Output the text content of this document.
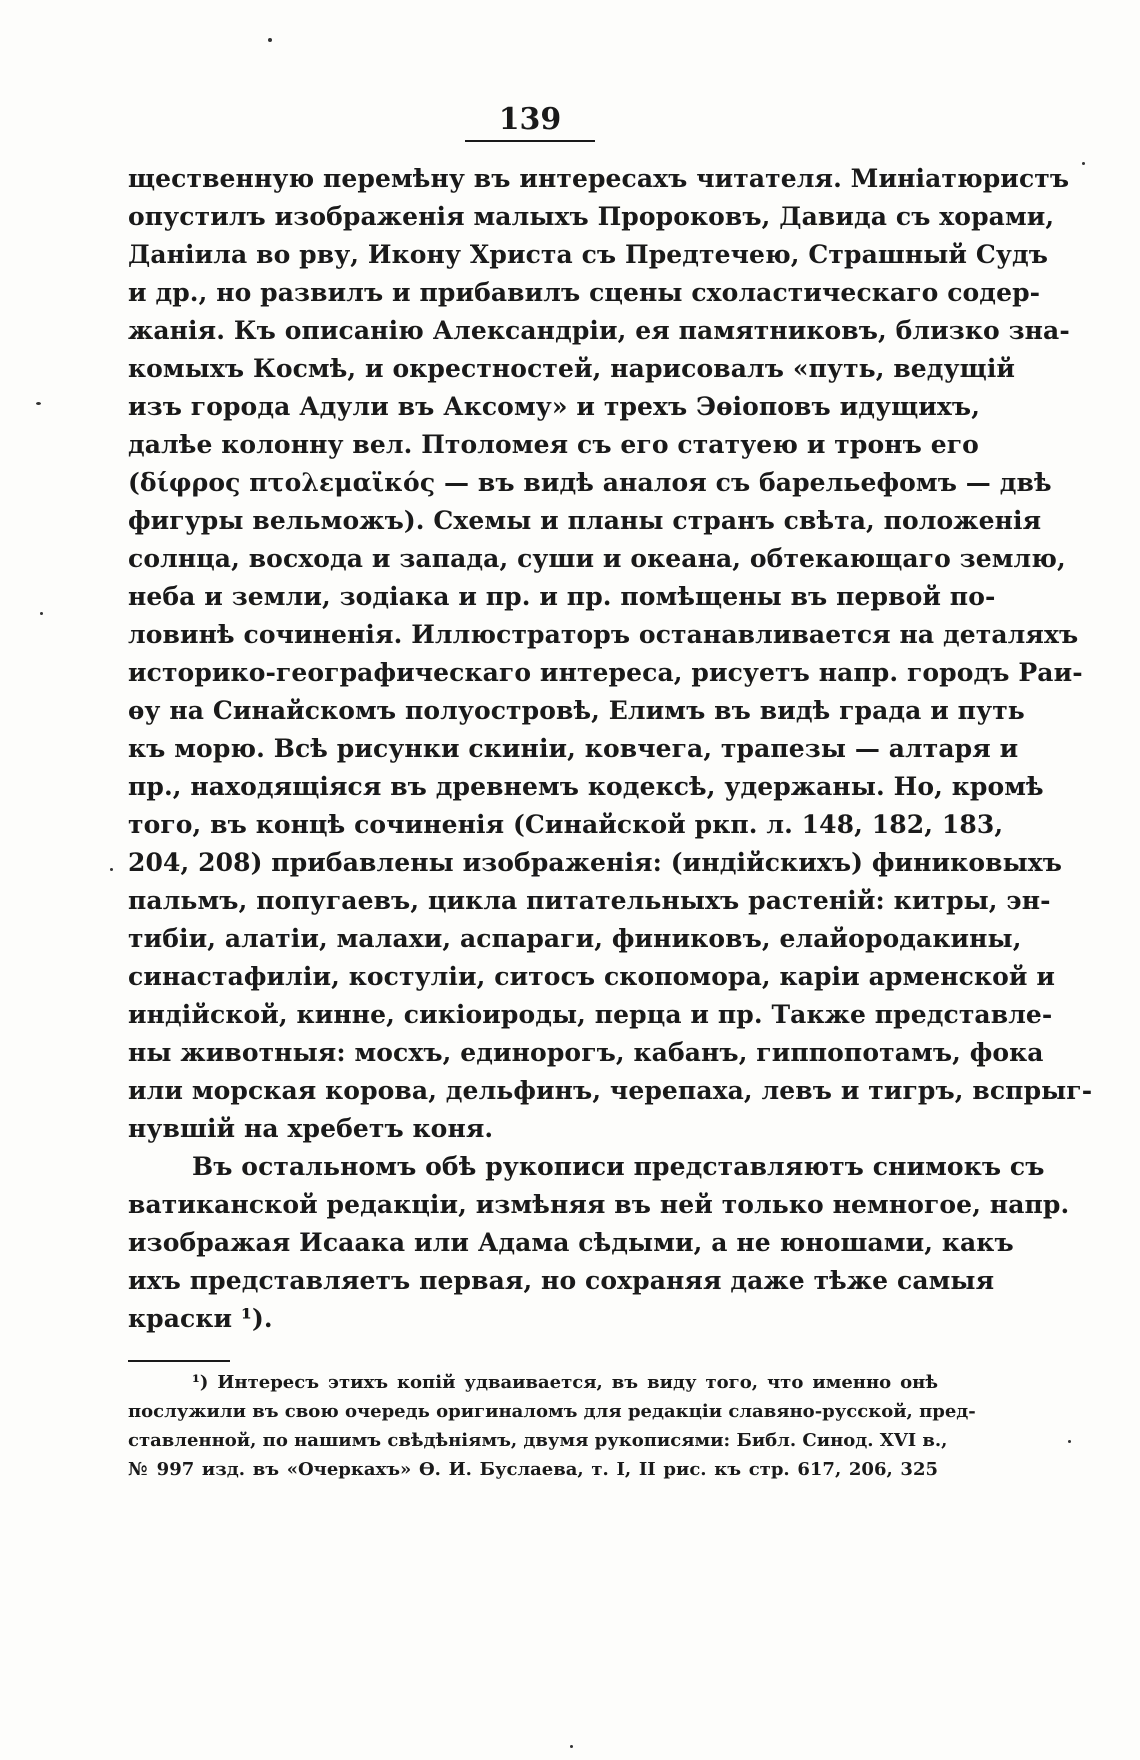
139
щественную перемѣну въ интересахъ читателя. Миніатюристъ
опустилъ изображенія малыхъ Пророковъ, Давида съ хорами,
Даніила во рву, Икону Христа съ Предтечею, Страшный Судъ
и др., но развилъ и прибавилъ сцены схоластическаго содер-
жанія. Къ описанію Александріи, ея памятниковъ, близко зна-
комыхъ Космѣ, и окрестностей, нарисовалъ «путь, ведущій
изъ города Адули въ Аксому» и трехъ Эѳіоповъ идущихъ,
далѣе колонну вел. Птоломея съ его статуею и тронъ его
(δίφρος πτολεμαϊκός — въ видѣ аналоя съ барельефомъ — двѣ
фигуры вельможъ). Схемы и планы странъ свѣта, положенія
солнца, восхода и запада, суши и океана, обтекающаго землю,
неба и земли, зодіака и пр. и пр. помѣщены въ первой по-
ловинѣ сочиненія. Иллюстраторъ останавливается на деталяхъ
историко-географическаго интереса, рисуетъ напр. городъ Раи-
ѳу на Синайскомъ полуостровѣ, Елимъ въ видѣ града и путь
къ морю. Всѣ рисунки скиніи, ковчега, трапезы — алтаря и
пр., находящіяся въ древнемъ кодексѣ, удержаны. Но, кромѣ
того, въ концѣ сочиненія (Синайской ркп. л. 148, 182, 183,
204, 208) прибавлены изображенія: (индійскихъ) финиковыхъ
пальмъ, попугаевъ, цикла питательныхъ растеній: китры, эн-
тибіи, алатіи, малахи, аспараги, финиковъ, елайородакины,
синастафиліи, костуліи, ситосъ скопомора, каріи арменской и
индійской, кинне, сикіоироды, перца и пр. Также представле-
ны животныя: мосхъ, единорогъ, кабанъ, гиппопотамъ, фока
или морская корова, дельфинъ, черепаха, левъ и тигръ, вспрыг-
нувшій на хребетъ коня.
Въ остальномъ обѣ рукописи представляютъ снимокъ съ
ватиканской редакціи, измѣняя въ ней только немногое, напр.
изображая Исаака или Адама сѣдыми, а не юношами, какъ
ихъ представляетъ первая, но сохраняя даже тѣже самыя
краски ¹).
¹) Интересъ этихъ копій удваивается, въ виду того, что именно онѣ
послужили въ свою очередь оригиналомъ для редакціи славяно-русской, пред-
ставленной, по нашимъ свѣдѣніямъ, двумя рукописями: Библ. Синод. XVI в.,
№ 997 изд. въ «Очеркахъ» Ѳ. И. Буслаева, т. I, II рис. къ стр. 617, 206, 325
